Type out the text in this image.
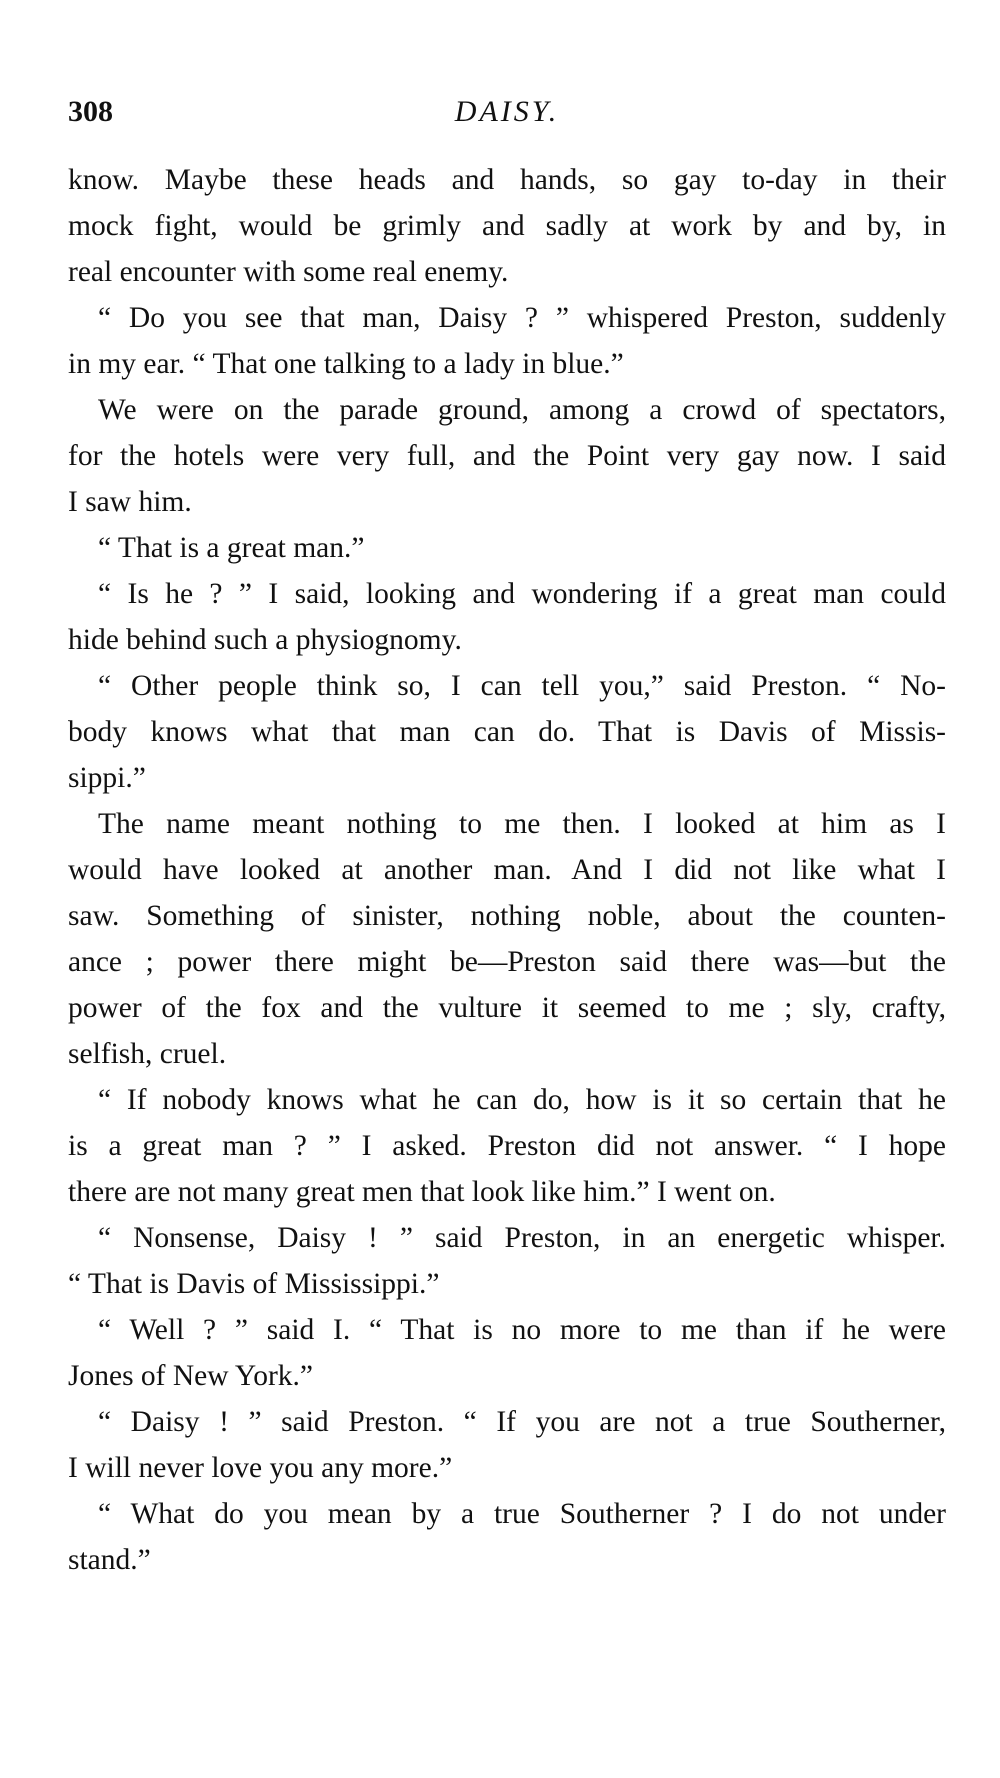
308	DAISY.
know. Maybe these heads and hands, so gay to-day in their
mock fight, would be grimly and sadly at work by and by, in
real encounter with some real enemy.
“ Do you see that man, Daisy ? ” whispered Preston, suddenly
in my ear. “ That one talking to a lady in blue.”
We were on the parade ground, among a crowd of spectators,
for the hotels were very full, and the Point very gay now. I said
I saw him.
“ That is a great man.”
“ Is he ? ” I said, looking and wondering if a great man could
hide behind such a physiognomy.
“ Other people think so, I can tell you,” said Preston. “ No-
body knows what that man can do. That is Davis of Missis-
sippi.”
The name meant nothing to me then. I looked at him as I
would have looked at another man. And I did not like what I
saw. Something of sinister, nothing noble, about the counten-
ance ; power there might be—Preston said there was—but the
power of the fox and the vulture it seemed to me ; sly, crafty,
selfish, cruel.
“ If nobody knows what he can do, how is it so certain that he
is a great man ? ” I asked. Preston did not answer. “ I hope
there are not many great men that look like him.” I went on.
“ Nonsense, Daisy ! ” said Preston, in an energetic whisper.
“ That is Davis of Mississippi.”
“ Well ? ” said I. “ That is no more to me than if he were
Jones of New York.”
“ Daisy ! ” said Preston. “ If you are not a true Southerner,
I will never love you any more.”
“ What do you mean by a true Southerner ? I do not under
stand.”
